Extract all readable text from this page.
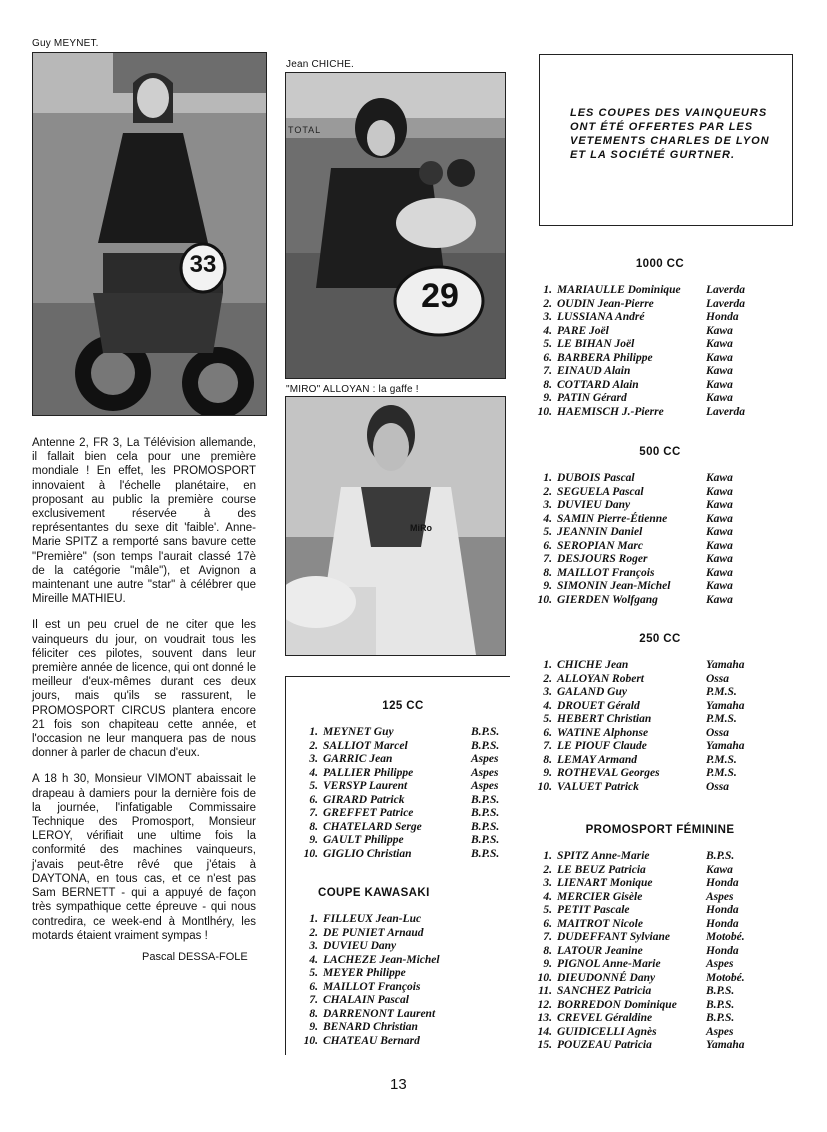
Guy MEYNET.
33

Antenne 2, FR 3, La Télévision allemande, il fallait bien cela pour une première mondiale ! En effet, les PROMOSPORT innovaient à l'échelle planétaire, en proposant au public la première course exclusivement réservée à des représentantes du sexe dit 'faible'. Anne-Marie SPITZ a remporté sans bavure cette "Première" (son temps l'aurait classé 17è de la catégorie "mâle"), et Avignon a maintenant une autre "star" à célébrer que Mireille MATHIEU.

Il est un peu cruel de ne citer que les vainqueurs du jour, on voudrait tous les féliciter ces pilotes, souvent dans leur première année de licence, qui ont donné le meilleur d'eux-mêmes durant ces deux jours, mais qu'ils se rassurent, le PROMOSPORT CIRCUS plantera encore 21 fois son chapiteau cette année, et l'occasion ne leur manquera pas de nous donner à parler de chacun d'eux.

A 18 h 30, Monsieur VIMONT abaissait le drapeau à damiers pour la dernière fois de la journée, l'infatigable Commissaire Technique des Promosport, Monsieur LEROY, vérifiait une ultime fois la conformité des machines vainqueurs, j'avais peut-être rêvé que j'étais à DAYTONA, en tous cas, et ce n'est pas Sam BERNETT - qui a appuyé de façon très sympathique cette épreuve - qui nous contredira, ce week-end à Montlhéry, les motards étaient vraiment sympas !

Pascal DESSA-FOLE
Jean CHICHE.
TOTAL
29
"MIRO" ALLOYAN : la gaffe !
MiRo

LES COUPES DES VAINQUEURS ONT ÉTÉ OFFERTES PAR LES VETEMENTS CHARLES DE LYON ET LA SOCIÉTÉ GURTNER.

1000 CC
1. MARIAULLE Dominique Laverda
2. OUDIN Jean-Pierre	Laverda
3. LUSSIANA André	Honda
4. PARE Joël	Kawa
5. LE BIHAN Joël	Kawa
6. BARBERA Philippe	Kawa
7. EINAUD Alain	Kawa
8. COTTARD Alain	Kawa
9. PATIN Gérard	Kawa
10. HAEMISCH J.-Pierre	Laverda
500 CC
1. DUBOIS Pascal	Kawa
2. SEGUELA Pascal	Kawa
3. DUVIEU Dany	Kawa
4. SAMIN Pierre-Étienne	Kawa
5. JEANNIN Daniel	Kawa
6. SEROPIAN Marc	Kawa
7. DESJOURS Roger	Kawa
8. MAILLOT François	Kawa
9. SIMONIN Jean-Michel	Kawa
10. GIERDEN Wolfgang	Kawa
250 CC
1. CHICHE Jean	Yamaha
2. ALLOYAN Robert	Ossa
3. GALAND Guy	P.M.S.
4. DROUET Gérald	Yamaha
5. HEBERT Christian	P.M.S.
6. WATINE Alphonse	Ossa
7. LE PIOUF Claude	Yamaha
8. LEMAY Armand	P.M.S.
9. ROTHEVAL Georges	P.M.S.
10. VALUET Patrick	Ossa
PROMOSPORT FÉMININE
1. SPITZ Anne-Marie	B.P.S.
2. LE BEUZ Patricia	Kawa
3. LIENART Monique	Honda
4. MERCIER Gisèle	Aspes
5. PETIT Pascale	Honda
6. MAITROT Nicole	Honda
7. DUDEFFANT Sylviane	Motobé.
8. LATOUR Jeanine	Honda
9. PIGNOL Anne-Marie	Aspes
10. DIEUDONNÉ Dany	Motobé.
11. SANCHEZ Patricia	B.P.S.
12. BORREDON Dominique	B.P.S.
13. CREVEL Géraldine	B.P.S.
14. GUIDICELLI Agnès	Aspes
15. POUZEAU Patricia	Yamaha
125 CC
1. MEYNET Guy	B.P.S.
2. SALLIOT Marcel	B.P.S.
3. GARRIC Jean	Aspes
4. PALLIER Philippe	Aspes
5. VERSYP Laurent	Aspes
6. GIRARD Patrick	B.P.S.
7. GREFFET Patrice	B.P.S.
8. CHATELARD Serge	B.P.S.
9. GAULT Philippe	B.P.S.
10. GIGLIO Christian	B.P.S.
COUPE KAWASAKI
1. FILLEUX Jean-Luc
2. DE PUNIET Arnaud
3. DUVIEU Dany
4. LACHEZE Jean-Michel
5. MEYER Philippe
6. MAILLOT François
7. CHALAIN Pascal
8. DARRENONT Laurent
9. BENARD Christian
10. CHATEAU Bernard
13
